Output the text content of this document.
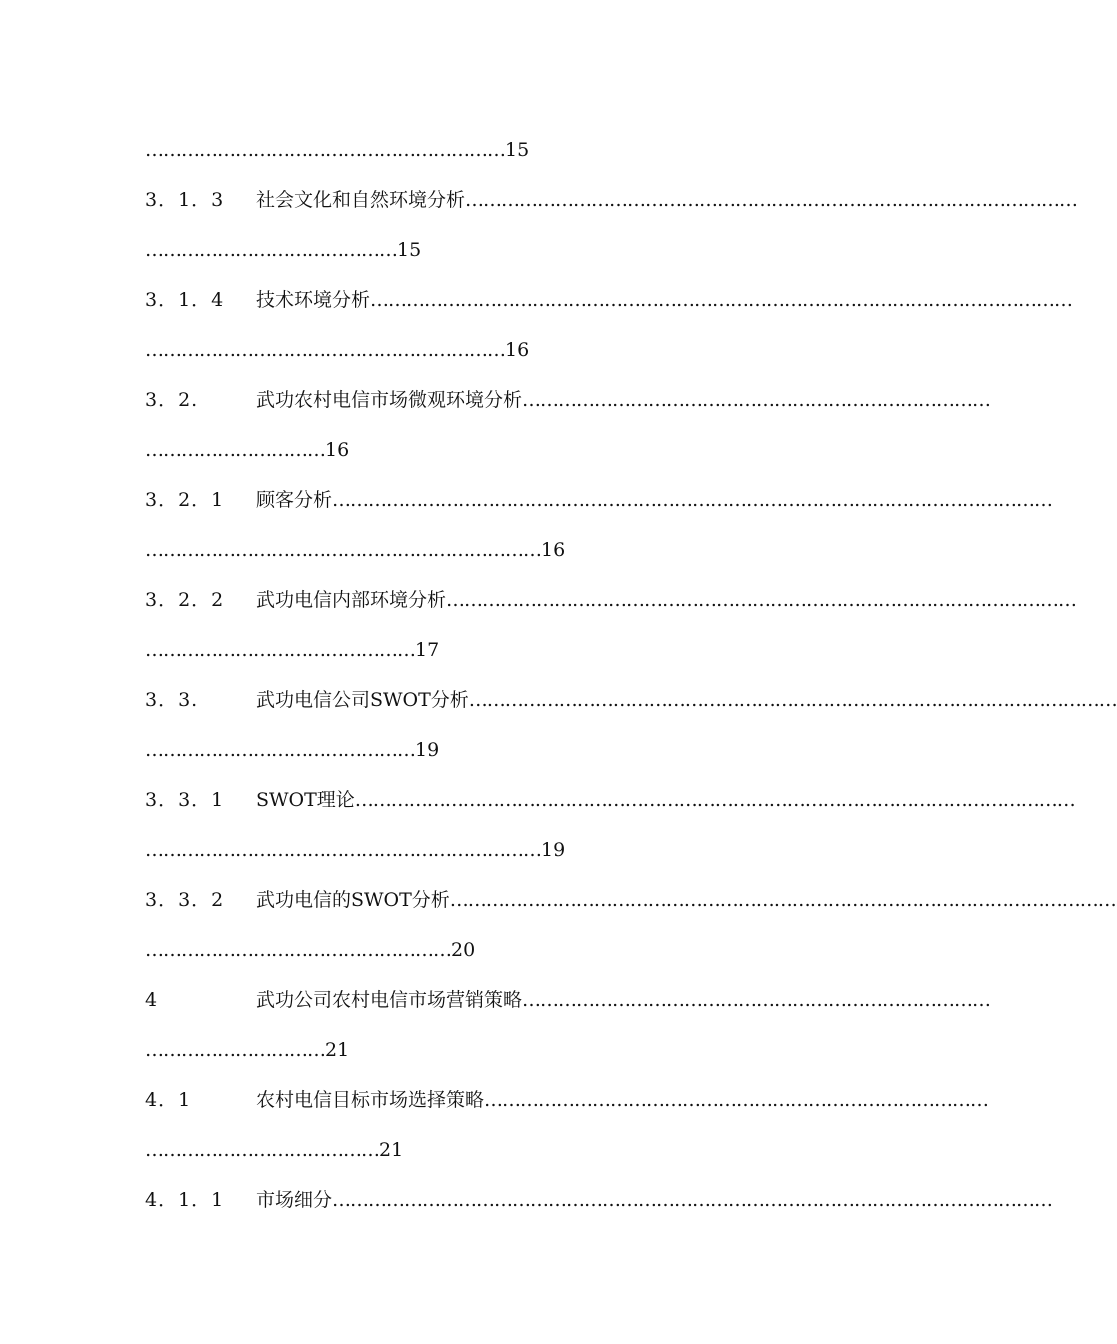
……………………………………………………15
3．1．3	社会文化和自然环境分析…………………………………………………………………………………………
……………………………………15
3．1．4	技术环境分析………………………………………………………………………………………………………
……………………………………………………16
3．2.	武功农村电信市场微观环境分析……………………………………………………………………
…………………………16
3．2．1	顾客分析…………………………………………………………………………………………………………
…………………………………………………………16
3．2．2	武功电信内部环境分析……………………………………………………………………………………………
………………………………………17
3．3.	武功电信公司SWOT分析………………………………………………………………………………………………
………………………………………19
3．3．1	SWOT理论…………………………………………………………………………………………………………
…………………………………………………………19
3．3．2	武功电信的SWOT分析…………………………………………………………………………………………………
……………………………………………20
4	武功公司农村电信市场营销策略……………………………………………………………………
…………………………21
4．1	农村电信目标市场选择策略…………………………………………………………………………
…………………………………21
4．1．1	市场细分…………………………………………………………………………………………………………
